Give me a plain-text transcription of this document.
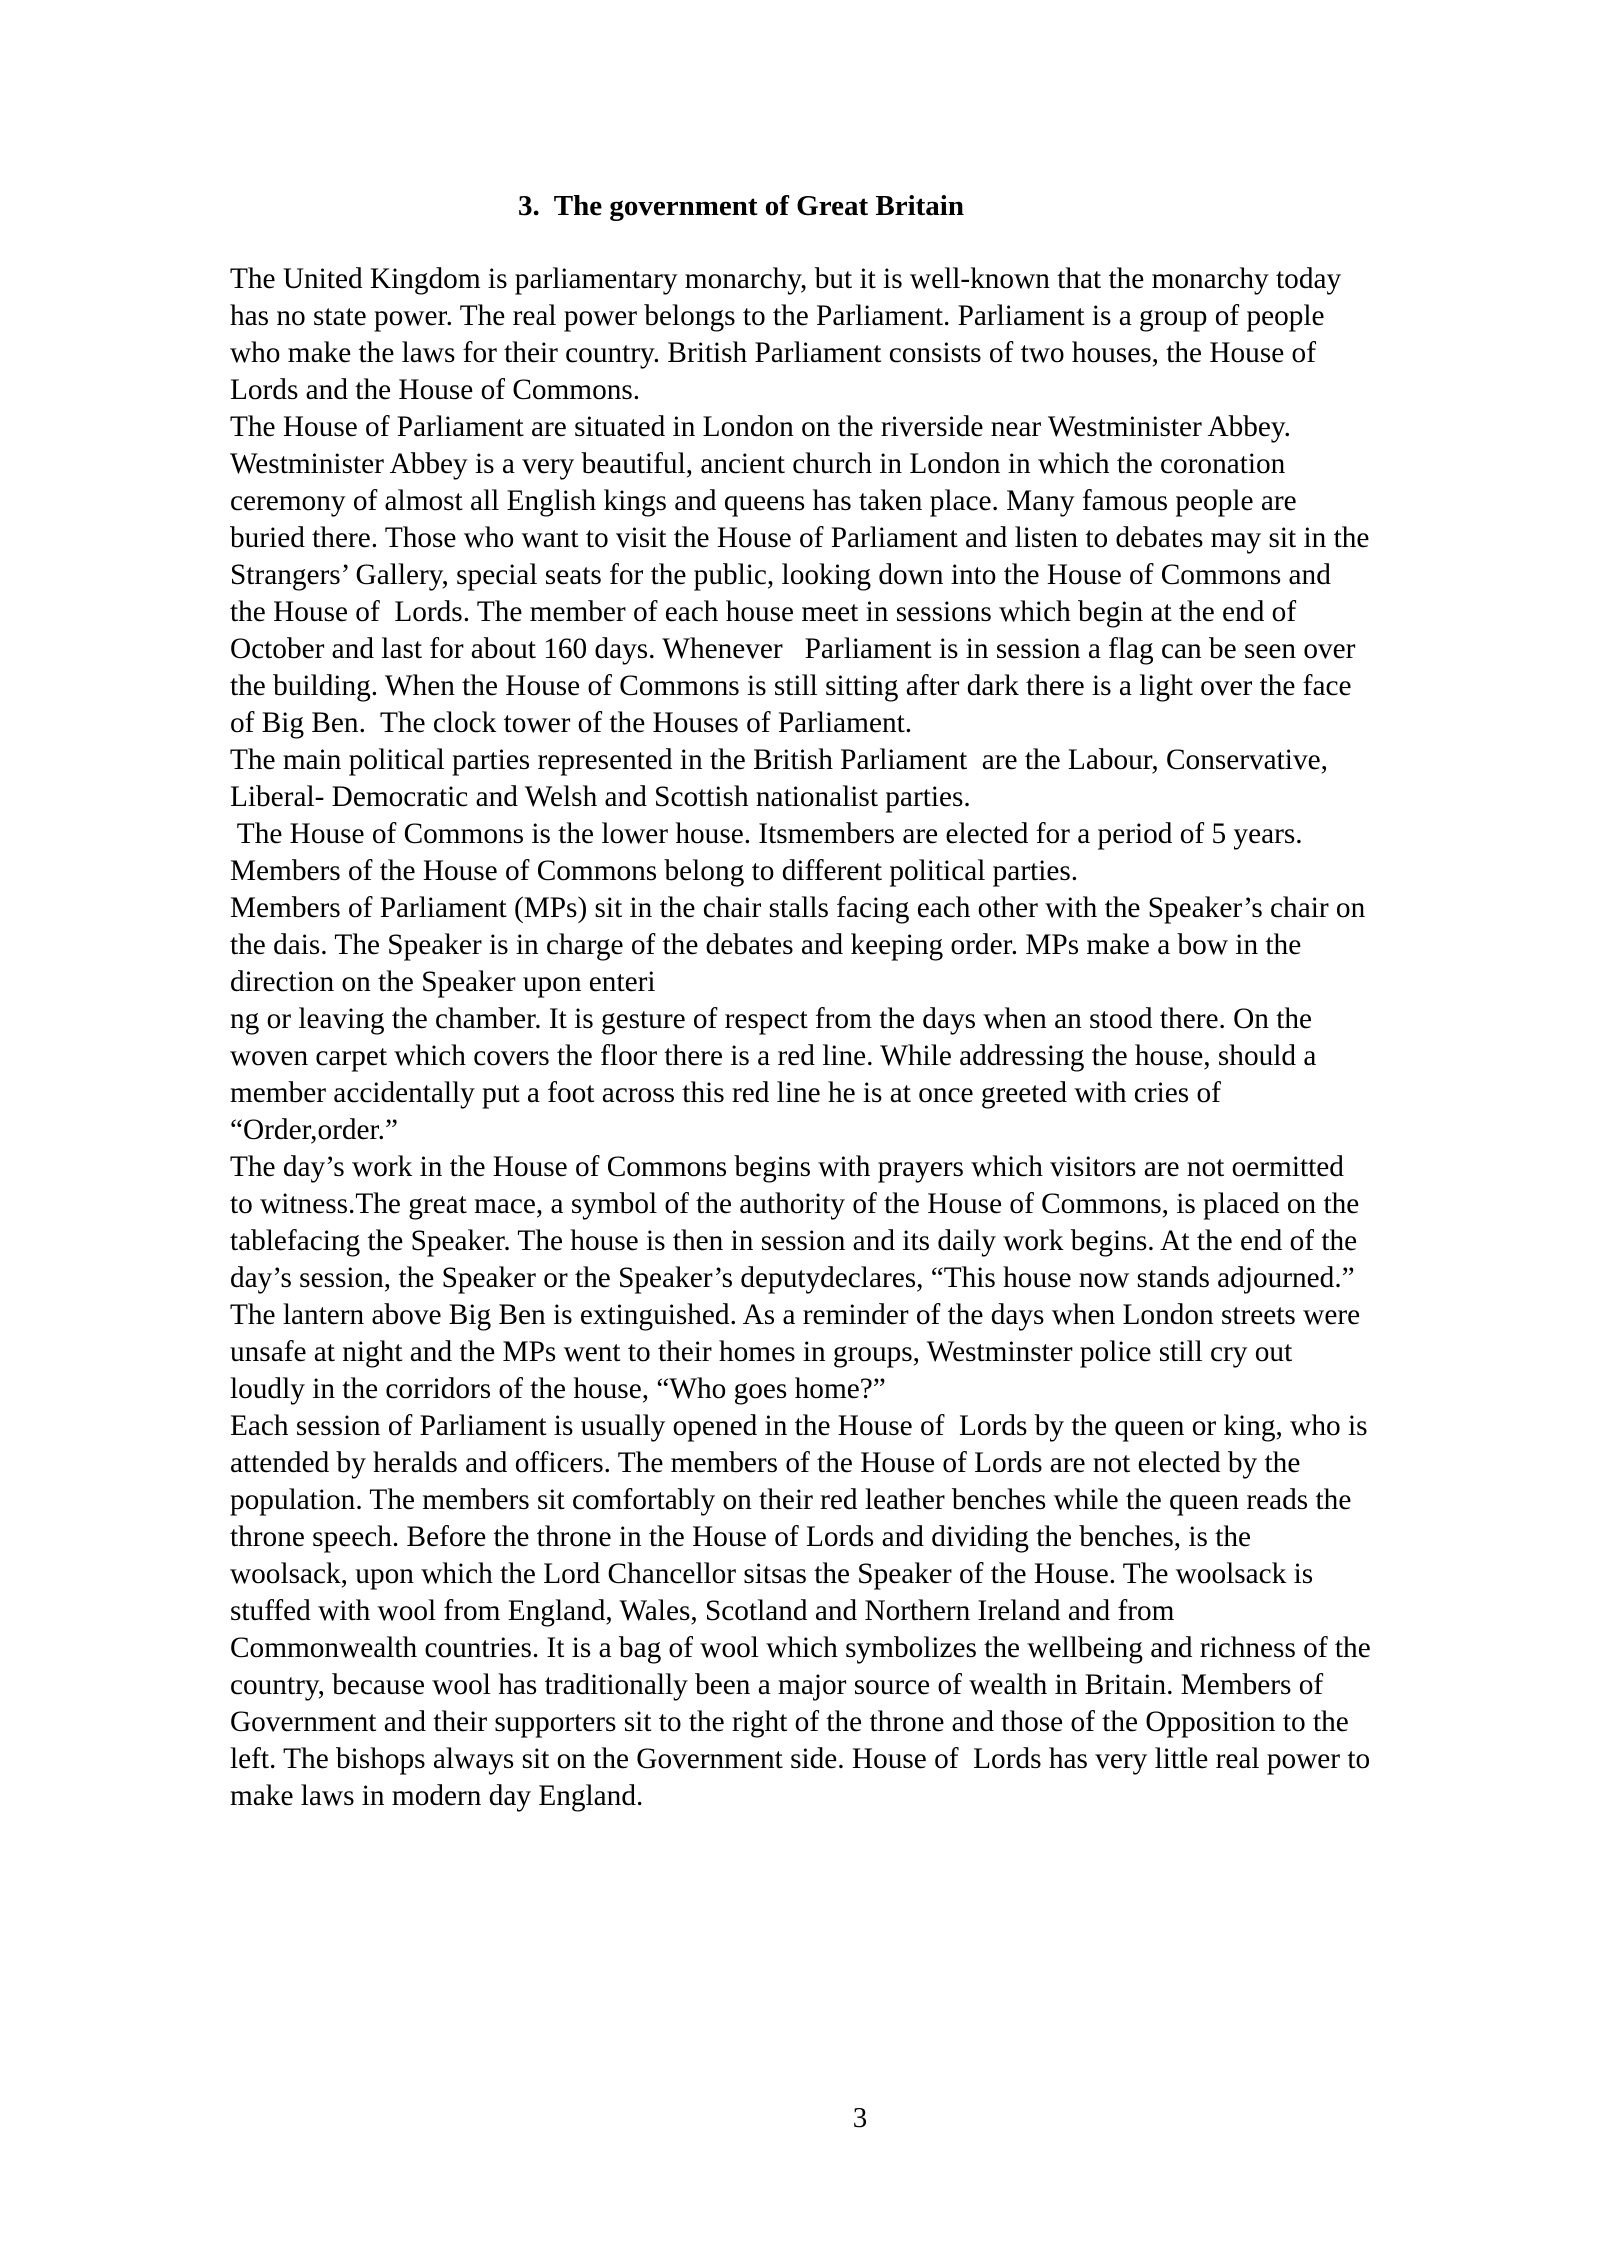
3. The government of Great Britain
The United Kingdom is parliamentary monarchy, but it is well-known that the monarchy today
has no state power. The real power belongs to the Parliament. Parliament is a group of people
who make the laws for their country. British Parliament consists of two houses, the House of
Lords and the House of Commons.
The House of Parliament are situated in London on the riverside near Westminister Abbey.
Westminister Abbey is a very beautiful, ancient church in London in which the coronation
ceremony of almost all English kings and queens has taken place. Many famous people are
buried there. Those who want to visit the House of Parliament and listen to debates may sit in the
Strangers’ Gallery, special seats for the public, looking down into the House of Commons and
the House of  Lords. The member of each house meet in sessions which begin at the end of
October and last for about 160 days. Whenever   Parliament is in session a flag can be seen over
the building. When the House of Commons is still sitting after dark there is a light over the face
of Big Ben.  The clock tower of the Houses of Parliament.
The main political parties represented in the British Parliament  are the Labour, Conservative,
Liberal- Democratic and Welsh and Scottish nationalist parties.
The House of Commons is the lower house. Itsmembers are elected for a period of 5 years.
Members of the House of Commons belong to different political parties.
Members of Parliament (MPs) sit in the chair stalls facing each other with the Speaker’s chair on
the dais. The Speaker is in charge of the debates and keeping order. MPs make a bow in the
direction on the Speaker upon enteri
ng or leaving the chamber. It is gesture of respect from the days when an stood there. On the
woven carpet which covers the floor there is a red line. While addressing the house, should a
member accidentally put a foot across this red line he is at once greeted with cries of
“Order,order.”
The day’s work in the House of Commons begins with prayers which visitors are not oermitted
to witness.The great mace, a symbol of the authority of the House of Commons, is placed on the
tablefacing the Speaker. The house is then in session and its daily work begins. At the end of the
day’s session, the Speaker or the Speaker’s deputydeclares, “This house now stands adjourned.”
The lantern above Big Ben is extinguished. As a reminder of the days when London streets were
unsafe at night and the MPs went to their homes in groups, Westminster police still cry out
loudly in the corridors of the house, “Who goes home?”
Each session of Parliament is usually opened in the House of  Lords by the queen or king, who is
attended by heralds and officers. The members of the House of Lords are not elected by the
population. The members sit comfortably on their red leather benches while the queen reads the
throne speech. Before the throne in the House of Lords and dividing the benches, is the
woolsack, upon which the Lord Chancellor sitsas the Speaker of the House. The woolsack is
stuffed with wool from England, Wales, Scotland and Northern Ireland and from
Commonwealth countries. It is a bag of wool which symbolizes the wellbeing and richness of the
country, because wool has traditionally been a major source of wealth in Britain. Members of
Government and their supporters sit to the right of the throne and those of the Opposition to the
left. The bishops always sit on the Government side. House of  Lords has very little real power to
make laws in modern day England.
3
